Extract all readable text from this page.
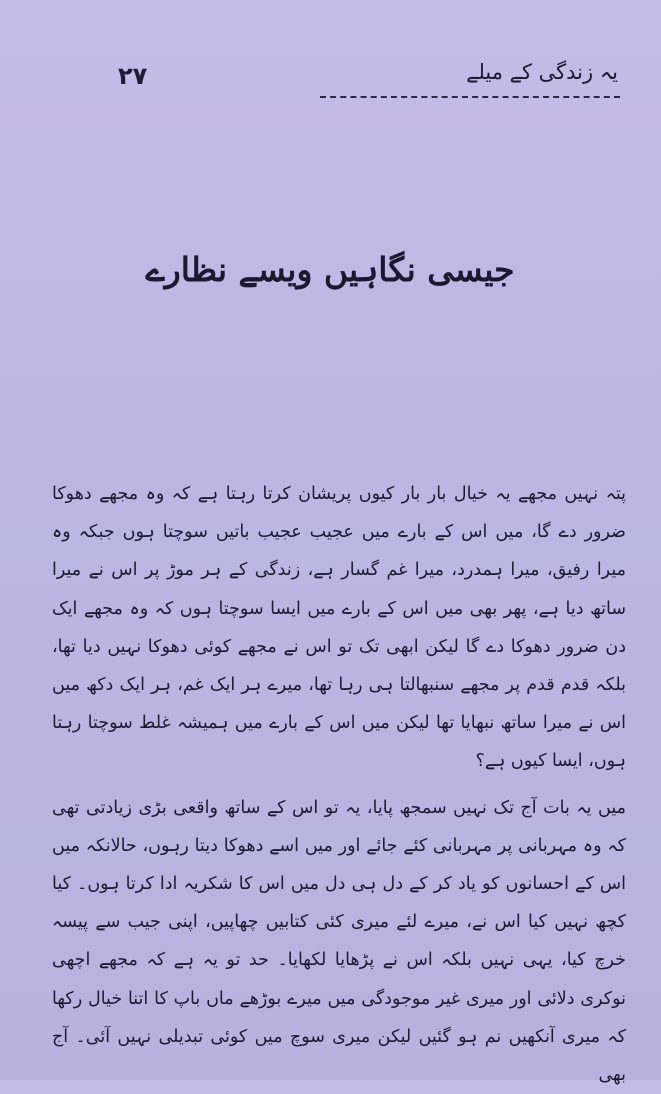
۲۷	یہ زندگی کے میلے
جیسی نگاہیں ویسے نظارے

پتہ نہیں مجھے یہ خیال بار بار کیوں پریشان کرتا رہتا ہے کہ وہ مجھے دھوکا ضرور دے گا، میں اس کے بارے میں عجیب عجیب باتیں سوچتا ہوں جبکہ وہ میرا رفیق، میرا ہمدرد، میرا غم گسار ہے، زندگی کے ہر موڑ پر اس نے میرا ساتھ دیا ہے، پھر بھی میں اس کے بارے میں ایسا سوچتا ہوں کہ وہ مجھے ایک دن ضرور دھوکا دے گا لیکن ابھی تک تو اس نے مجھے کوئی دھوکا نہیں دیا تھا، بلکہ قدم قدم پر مجھے سنبھالتا ہی رہا تھا، میرے ہر ایک غم، ہر ایک دکھ میں اس نے میرا ساتھ نبھایا تھا لیکن میں اس کے بارے میں ہمیشہ غلط سوچتا رہتا ہوں، ایسا کیوں ہے؟

میں یہ بات آج تک نہیں سمجھ پایا، یہ تو اس کے ساتھ واقعی بڑی زیادتی تھی کہ وہ مہربانی پر مہربانی کئے جائے اور میں اسے دھوکا دیتا رہوں، حالانکہ میں اس کے احسانوں کو یاد کر کے دل ہی دل میں اس کا شکریہ ادا کرتا ہوں۔ کیا کچھ نہیں کیا اس نے، میرے لئے میری کئی کتابیں چھاپیں، اپنی جیب سے پیسہ خرچ کیا، یہی نہیں بلکہ اس نے پڑھایا لکھایا۔ حد تو یہ ہے کہ مجھے اچھی نوکری دلائی اور میری غیر موجودگی میں میرے بوڑھے ماں باپ کا اتنا خیال رکھا کہ میری آنکھیں نم ہو گئیں لیکن میری سوچ میں کوئی تبدیلی نہیں آئی۔ آج بھی
